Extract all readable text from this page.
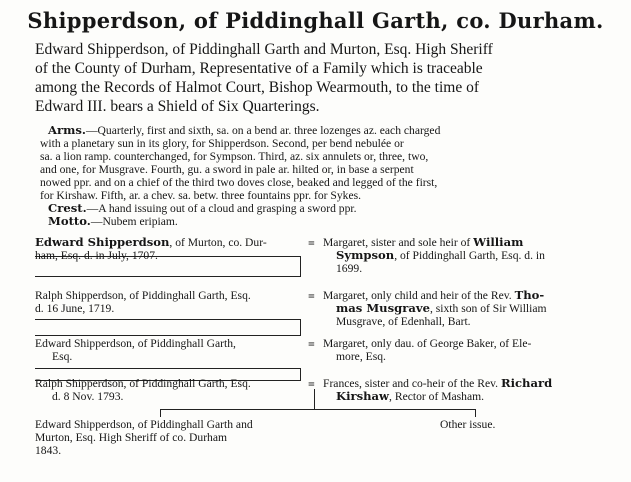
Shipperdson, of Piddinghall Garth, co. Durham.
Edward Shipperdson, of Piddinghall Garth and Murton, Esq. High Sheriff
of the County of Durham, Representative of a Family which is traceable
among the Records of Halmot Court, Bishop Wearmouth, to the time of
Edward III. bears a Shield of Six Quarterings.
Arms.—Quarterly, first and sixth, sa. on a bend ar. three lozenges az. each charged
with a planetary sun in its glory, for Shipperdson. Second, per bend nebulée or
sa. a lion ramp. counterchanged, for Sympson. Third, az. six annulets or, three, two,
and one, for Musgrave. Fourth, gu. a sword in pale ar. hilted or, in base a serpent
nowed ppr. and on a chief of the third two doves close, beaked and legged of the first,
for Kirshaw. Fifth, ar. a chev. sa. betw. three fountains ppr. for Sykes.
Crest.—A hand issuing out of a cloud and grasping a sword ppr.
Motto.—Nubem eripiam.
=
=
=
=
Edward Shipperdson, of Murton, co. Dur-
ham, Esq. d. in July, 1707.
Margaret, sister and sole heir of William
Sympson, of Piddinghall Garth, Esq. d. in
1699.
Ralph Shipperdson, of Piddinghall Garth, Esq.
d. 16 June, 1719.
Margaret, only child and heir of the Rev. Tho-
mas Musgrave, sixth son of Sir William
Musgrave, of Edenhall, Bart.
Edward Shipperdson, of Piddinghall Garth,
Esq.
Margaret, only dau. of George Baker, of Ele-
more, Esq.
Ralph Shipperdson, of Piddinghall Garth, Esq.
d. 8 Nov. 1793.
Frances, sister and co-heir of the Rev. Richard
Kirshaw, Rector of Masham.
Edward Shipperdson, of Piddinghall Garth and
Murton, Esq. High Sheriff of co. Durham
1843.
Other issue.
